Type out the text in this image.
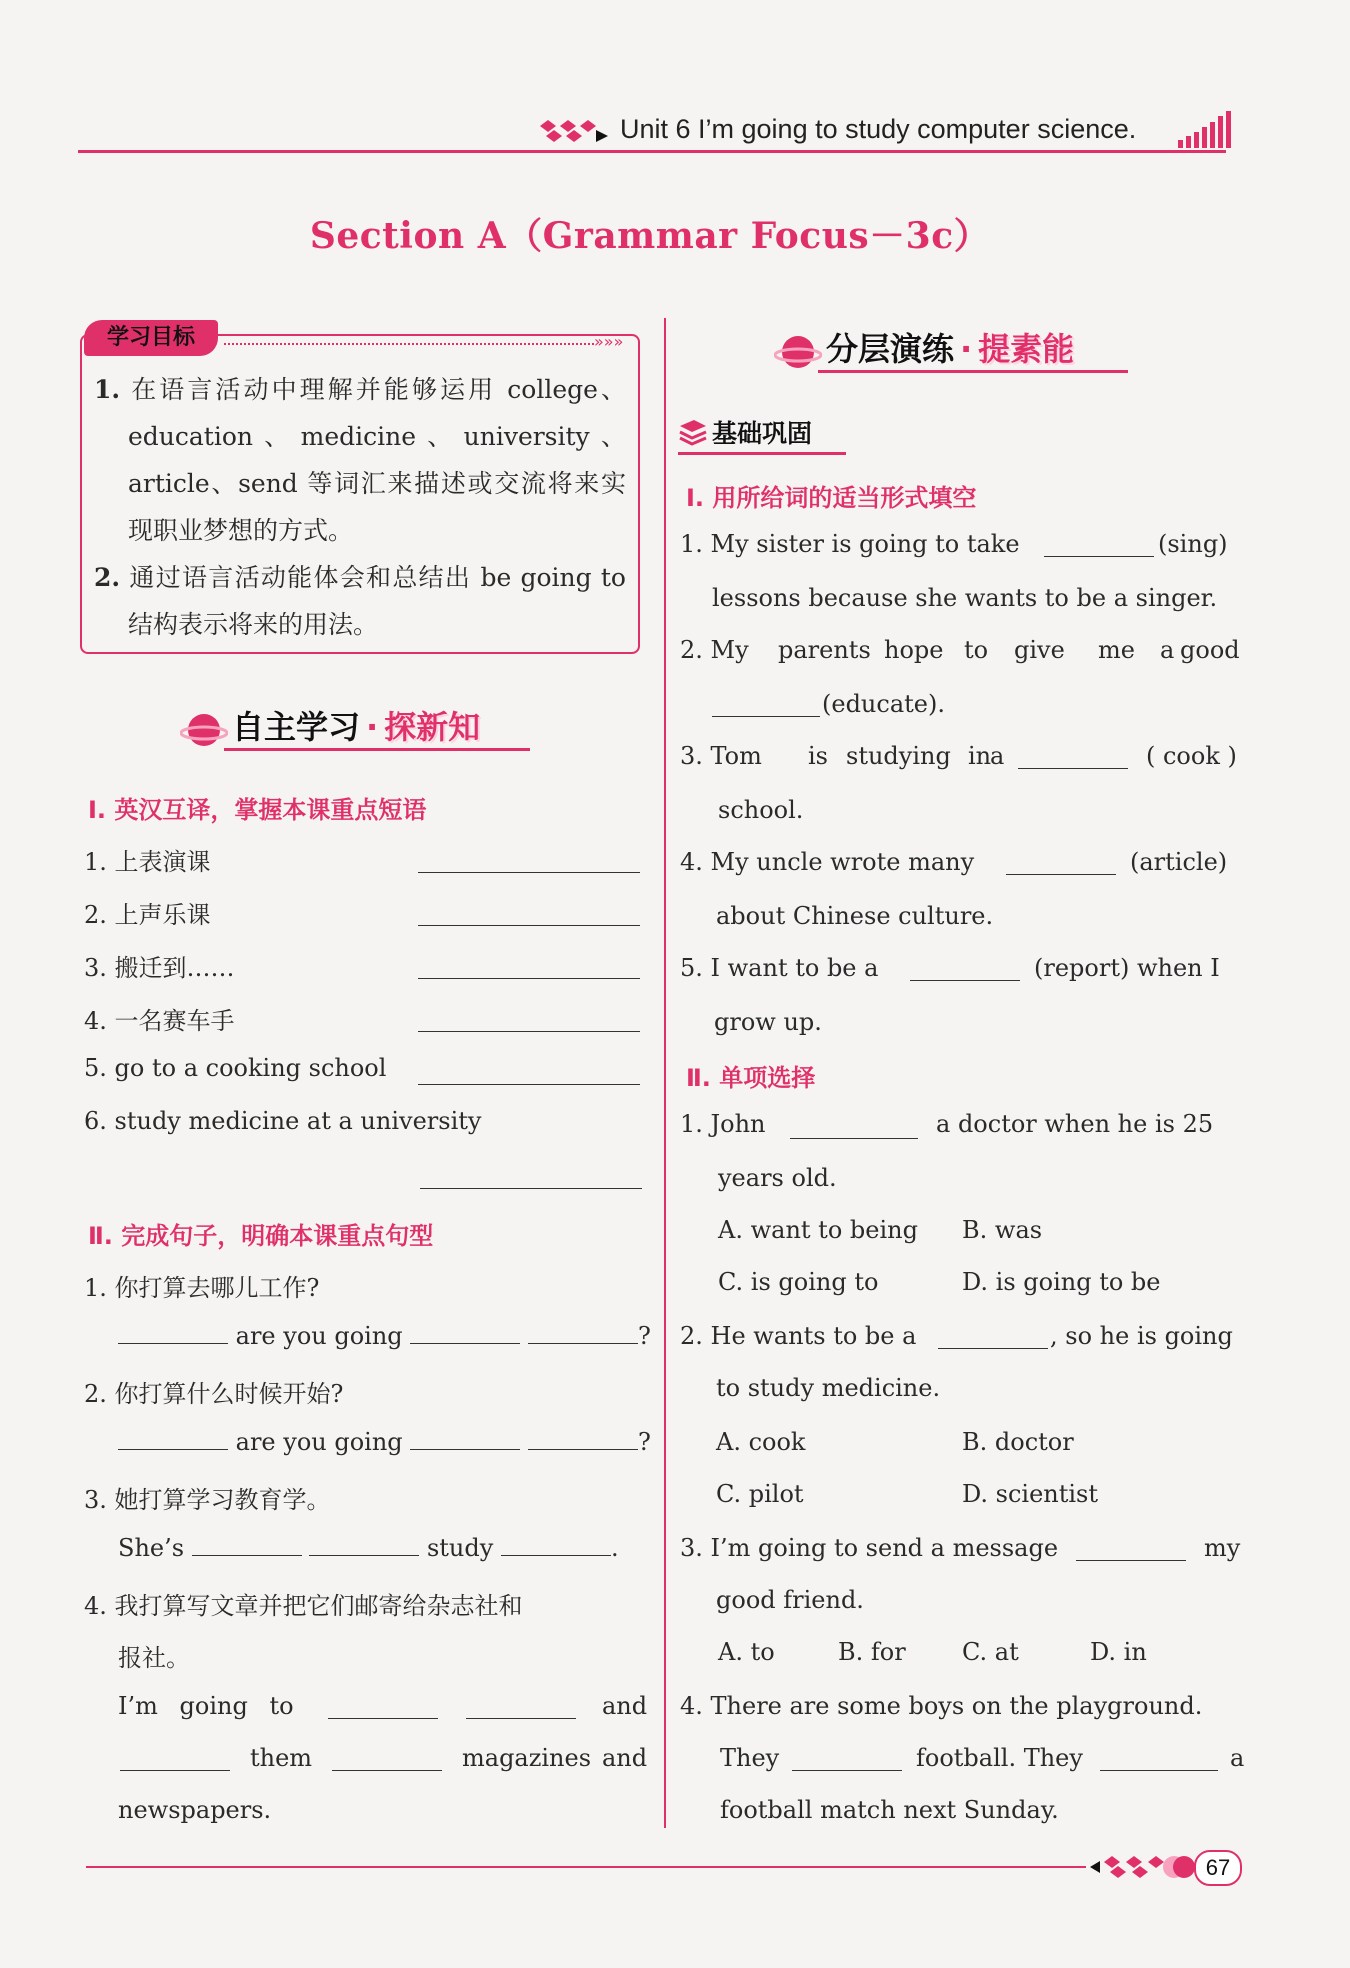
Unit 6 I’m going to study computer science.
Section A（Grammar Focus－3c）
学习目标	»»»
1. 在语言活动中理解并能够运用 college、education、medicine、university、article、send 等词汇来描述或交流将来实现职业梦想的方式。
2. 通过语言活动能体会和总结出 be going to 结构表示将来的用法。
自主学习 · 探新知
Ⅰ. 英汉互译，掌握本课重点短语
1. 上表演课
2. 上声乐课
3. 搬迁到……
4. 一名赛车手
5. go to a cooking school
6. study medicine at a university
Ⅱ. 完成句子，明确本课重点句型
1. 你打算去哪儿工作?
are you going	?
2. 你打算什么时候开始?
are you going	?
3. 她打算学习教育学。
She’s	study	.
4. 我打算写文章并把它们邮寄给杂志社和
报社。
I’m going to	and
them	magazines and
newspapers.
分层演练 · 提素能
基础巩固
Ⅰ. 用所给词的适当形式填空
1. My sister is going to take	(sing)
lessons because she wants to be a singer.
2. My parents hope to give me a good
(educate).
3. Tom is studying in
a	( cook )
school.
4. My uncle wrote many	(article)
about Chinese culture.
5. I want to be a	(report) when I
grow up.
Ⅱ. 单项选择
1. John	a doctor when he is 25
years old.
A. want to being B. was
C. is going to	D. is going to be
2. He wants to be a	, so he is going
to study medicine.
A. cook	B. doctor
C. pilot	D. scientist
3. I’m going to send a message	my
good friend.
A. to	B. for C. at	D. in
4. There are some boys on the playground.
They	football. They	a
football match next Sunday.
67
